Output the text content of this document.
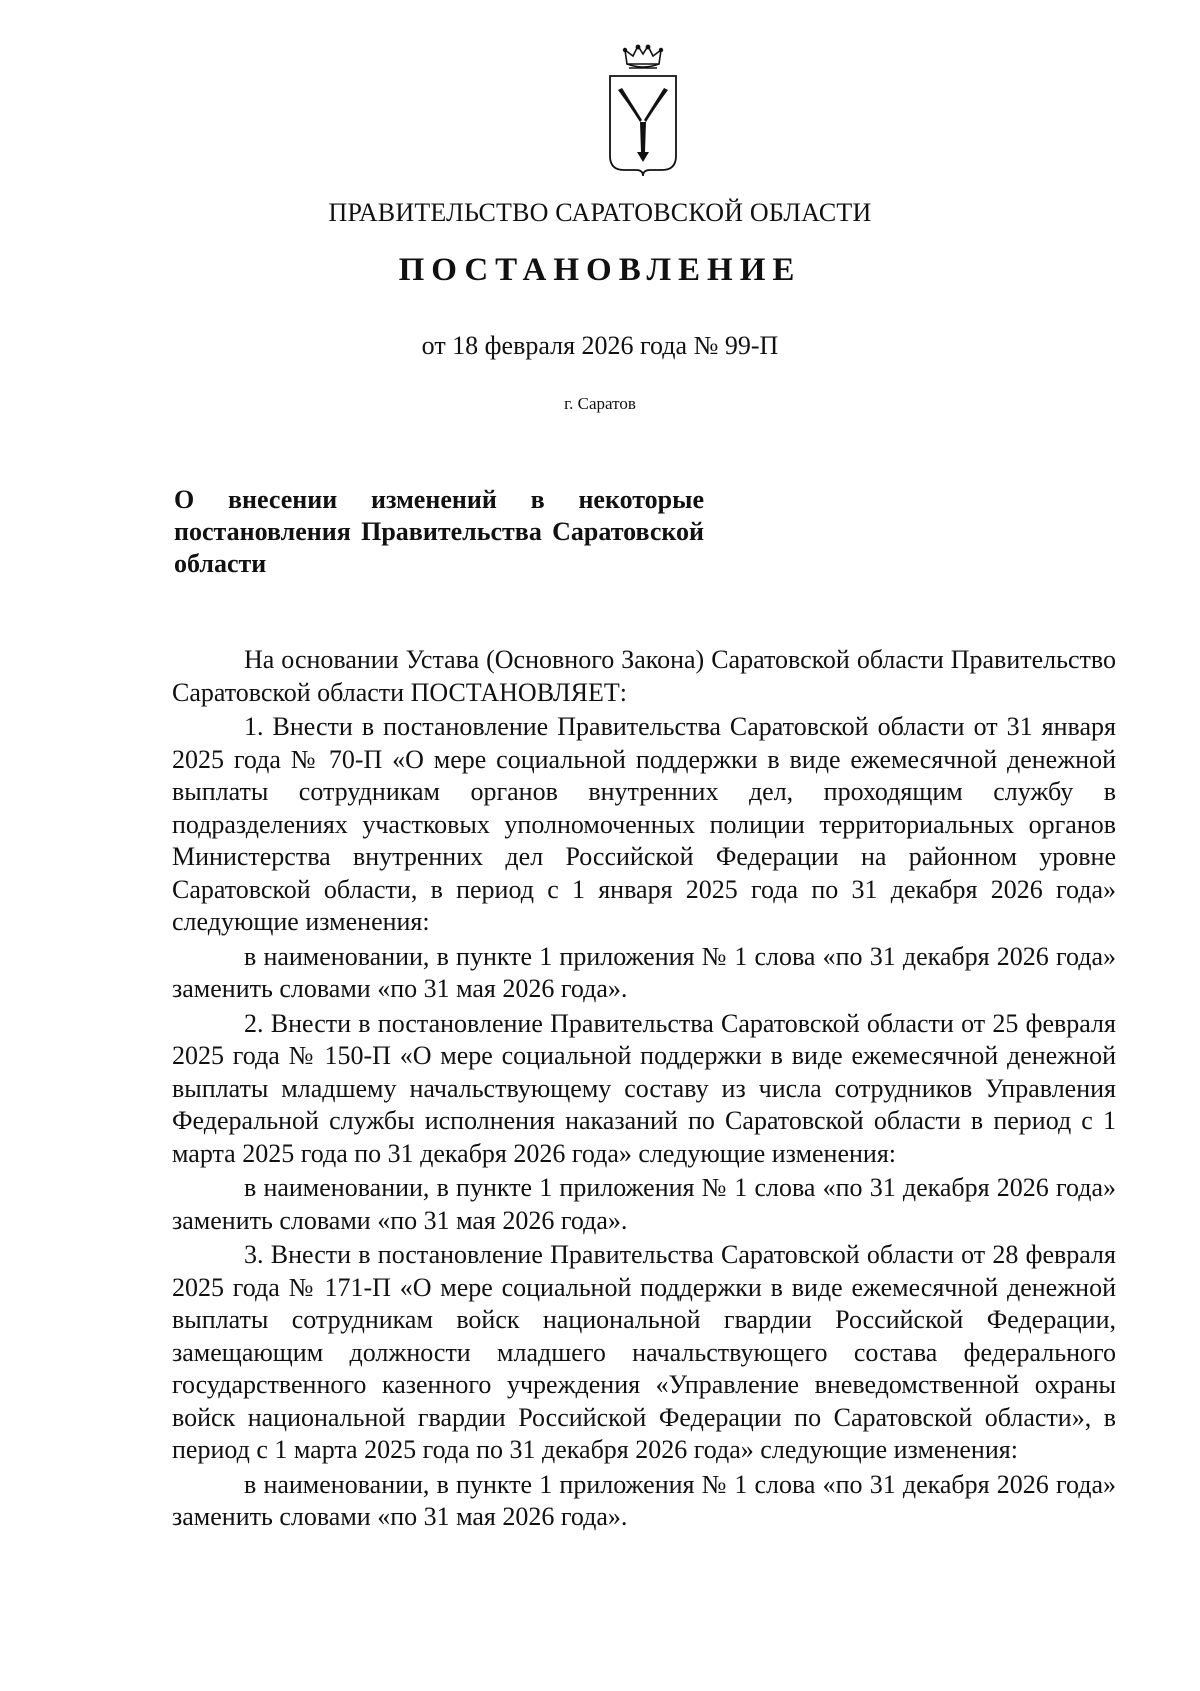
ПРАВИТЕЛЬСТВО САРАТОВСКОЙ ОБЛАСТИ
ПОСТАНОВЛЕНИЕ
от 18 февраля 2026 года № 99-П
г. Саратов
О внесении изменений в некоторые постановления Правительства Саратовской области

На основании Устава (Основного Закона) Саратовской области Правительство Саратовской области ПОСТАНОВЛЯЕТ:

1. Внести в постановление Правительства Саратовской области от 31 января 2025 года № 70-П «О мере социальной поддержки в виде ежемесячной денежной выплаты сотрудникам органов внутренних дел, проходящим службу в подразделениях участковых уполномоченных полиции территориальных органов Министерства внутренних дел Российской Федерации на районном уровне Саратовской области, в период с 1 января 2025 года по 31 декабря 2026 года» следующие изменения:

в наименовании, в пункте 1 приложения № 1 слова «по 31 декабря 2026 года» заменить словами «по 31 мая 2026 года».

2. Внести в постановление Правительства Саратовской области от 25 февраля 2025 года № 150-П «О мере социальной поддержки в виде ежемесячной денежной выплаты младшему начальствующему составу из числа сотрудников Управления Федеральной службы исполнения наказаний по Саратовской области в период с 1 марта 2025 года по 31 декабря 2026 года» следующие изменения:

в наименовании, в пункте 1 приложения № 1 слова «по 31 декабря 2026 года» заменить словами «по 31 мая 2026 года».

3. Внести в постановление Правительства Саратовской области от 28 февраля 2025 года № 171-П «О мере социальной поддержки в виде ежемесячной денежной выплаты сотрудникам войск национальной гвардии Российской Федерации, замещающим должности младшего начальствующего состава федерального государственного казенного учреждения «Управление вневедомственной охраны войск национальной гвардии Российской Федерации по Саратовской области», в период с 1 марта 2025 года по 31 декабря 2026 года» следующие изменения:

в наименовании, в пункте 1 приложения № 1 слова «по 31 декабря 2026 года» заменить словами «по 31 мая 2026 года».
